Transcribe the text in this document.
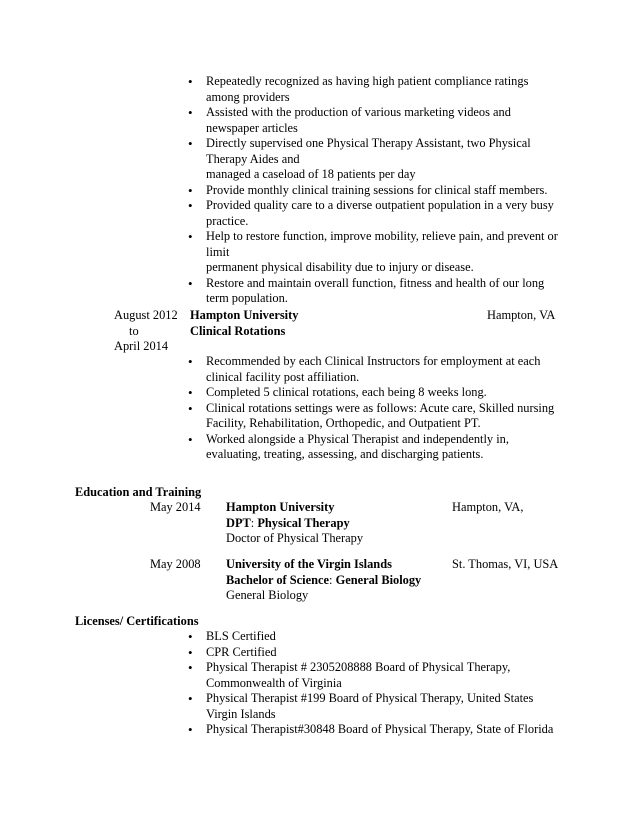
• Repeatedly recognized as having high patient compliance ratings
among providers
• Assisted with the production of various marketing videos and
newspaper articles
• Directly supervised one Physical Therapy Assistant, two Physical
Therapy Aides and
managed a caseload of 18 patients per day
• Provide monthly clinical training sessions for clinical staff members.
• Provided quality care to a diverse outpatient population in a very busy
practice.
• Help to restore function, improve mobility, relieve pain, and prevent or
limit
permanent physical disability due to injury or disease.
• Restore and maintain overall function, fitness and health of our long
term population.
August 2012
to
April 2014
Hampton University
Clinical Rotations
Hampton, VA
• Recommended by each Clinical Instructors for employment at each
clinical facility post affiliation.
• Completed 5 clinical rotations, each being 8 weeks long.
• Clinical rotations settings were as follows: Acute care, Skilled nursing
Facility, Rehabilitation, Orthopedic, and Outpatient PT.
• Worked alongside a Physical Therapist and independently in,
evaluating, treating, assessing, and discharging patients.
Education and Training
May 2014 Hampton University	Hampton, VA,
DPT: Physical Therapy
Doctor of Physical Therapy
May 2008 University of the Virgin Islands	St. Thomas, VI, USA
Bachelor of Science: General Biology
General Biology
Licenses/ Certifications
• BLS Certified
• CPR Certified
• Physical Therapist # 2305208888 Board of Physical Therapy,
Commonwealth of Virginia
• Physical Therapist #199 Board of Physical Therapy, United States
Virgin Islands
• Physical Therapist#30848 Board of Physical Therapy, State of Florida
